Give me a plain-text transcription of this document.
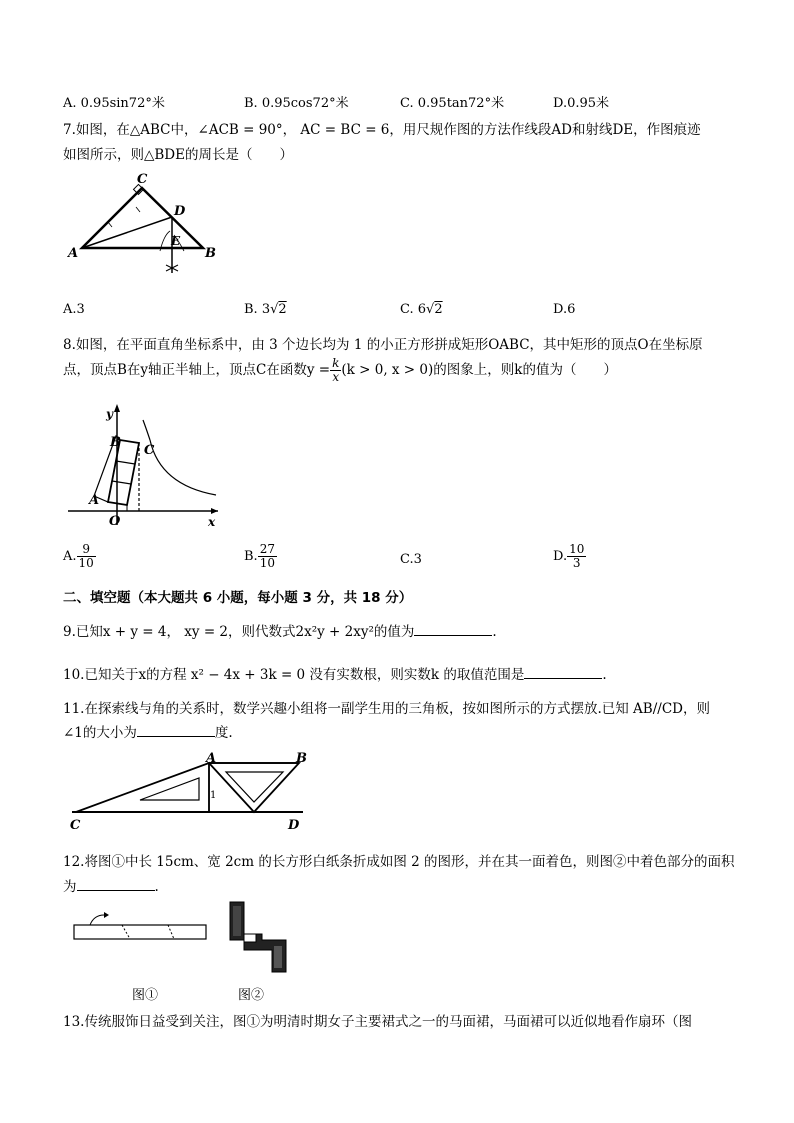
A. 0.95sin72°米	B. 0.95cos72°米	C. 0.95tan72°米	D.0.95米
7.如图，在△ABC中，∠ACB = 90°， AC = BC = 6，用尺规作图的方法作线段AD和射线DE，作图痕迹
如图所示，则△BDE的周长是（　　）
A	B
C
D
E
A.3	B. 3√2	C. 6√2	D.6
8.如图，在平面直角坐标系中，由 3 个边长均为 1 的小正方形拼成矩形OABC，其中矩形的顶点O在坐标原
点，顶点B在y轴正半轴上，顶点C在函数$y = \frac{k}{x} (k > 0$, x > 0)的图象上，则k的值为（　　）
y
x
B
C
A
O
A. $\frac{9}{10}$	B. $\frac{27}{10}$	C.3	D. $\frac{10}{3}$
二、填空题（本大题共 6 小题，每小题 3 分，共 18 分）
9.已知x + y = 4， xy = 2，则代数式2x²y + 2xy²的值为	.
10.已知关于x的方程 x² − 4x + 3k = 0 没有实数根，则实数k 的取值范围是	.
11.在探索线与角的关系时，数学兴趣小组将一副学生用的三角板，按如图所示的方式摆放.已知 AB//CD，则
∠1的大小为	度.
A	B
C	D
1
12.将图①中长 15cm、宽 2cm 的长方形白纸条折成如图 2 的图形，并在其一面着色，则图②中着色部分的面积
为	.
图①	图②
13.传统服饰日益受到关注，图①为明清时期女子主要裙式之一的马面裙，马面裙可以近似地看作扇环（图
